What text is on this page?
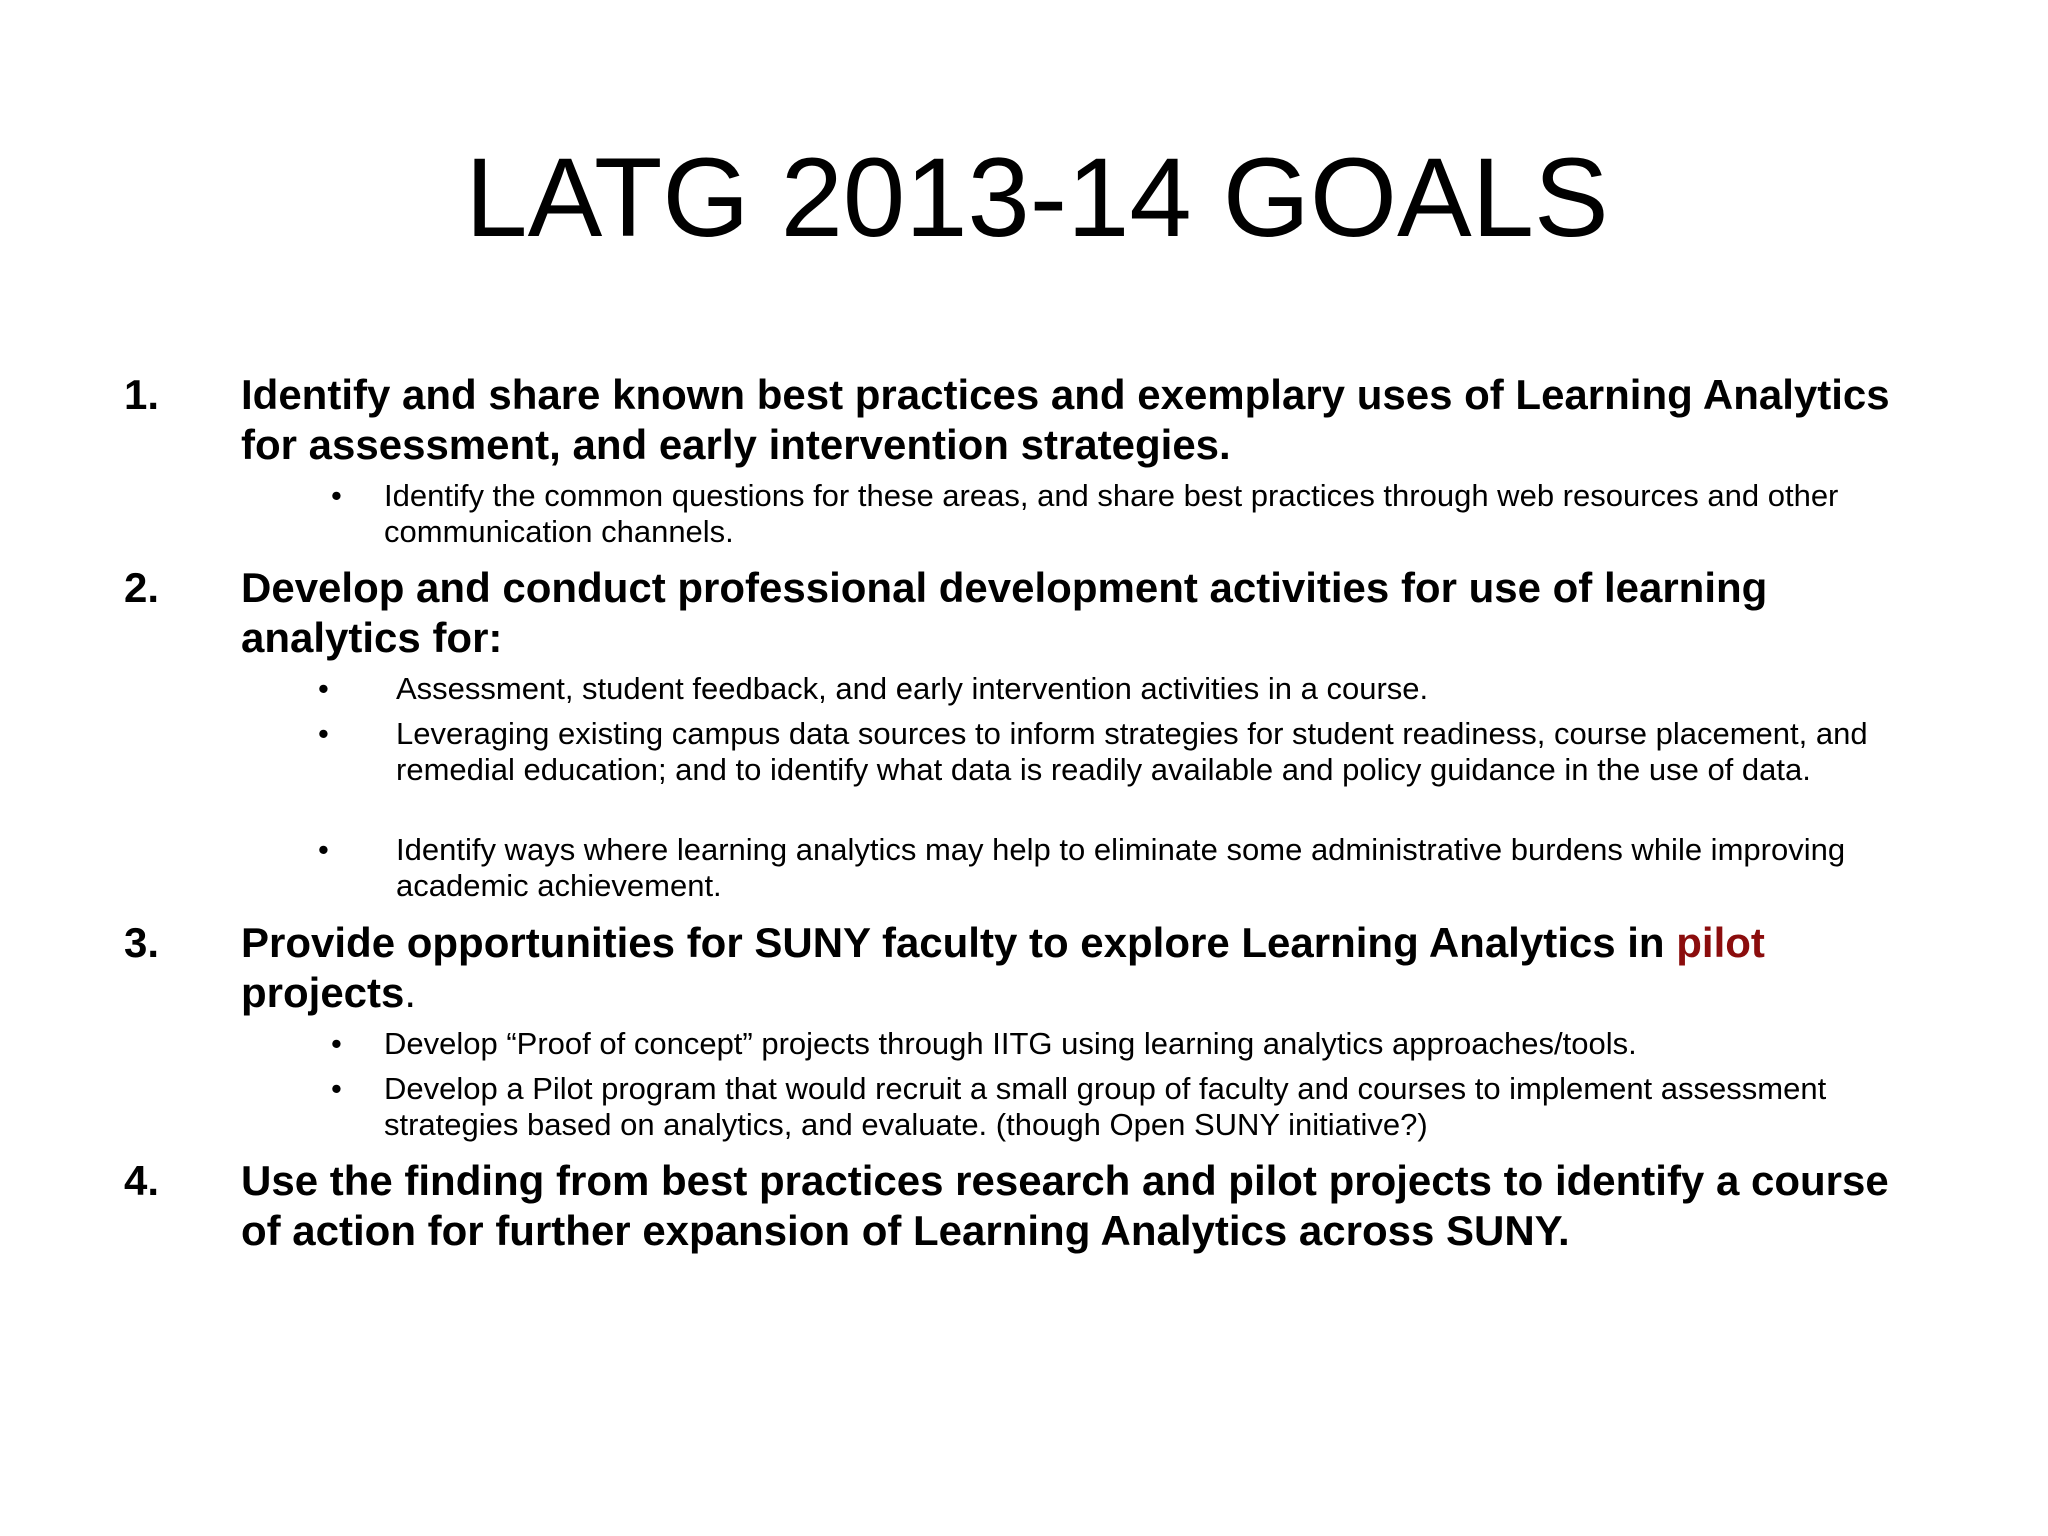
LATG 2013-14 GOALS
1. Identify and share known best practices and exemplary uses of Learning Analytics for assessment, and early intervention strategies.

• Identify the common questions for these areas, and share best practices through web resources and other communication channels.

2. Develop and conduct professional development activities for use of learning analytics for:

• Assessment, student feedback, and early intervention activities in a course.

• Leveraging existing campus data sources to inform strategies for student readiness, course placement, and remedial education; and to identify what data is readily available and policy guidance in the use of data.

• Identify ways where learning analytics may help to eliminate some administrative burdens while improving academic achievement.

3. Provide opportunities for SUNY faculty to explore Learning Analytics in pilot projects.

• Develop “Proof of concept” projects through IITG using learning analytics approaches/tools.

• Develop a Pilot program that would recruit a small group of faculty and courses to implement assessment strategies based on analytics, and evaluate. (though Open SUNY initiative?)

4. Use the finding from best practices research and pilot projects to identify a course of action for further expansion of Learning Analytics across SUNY.
